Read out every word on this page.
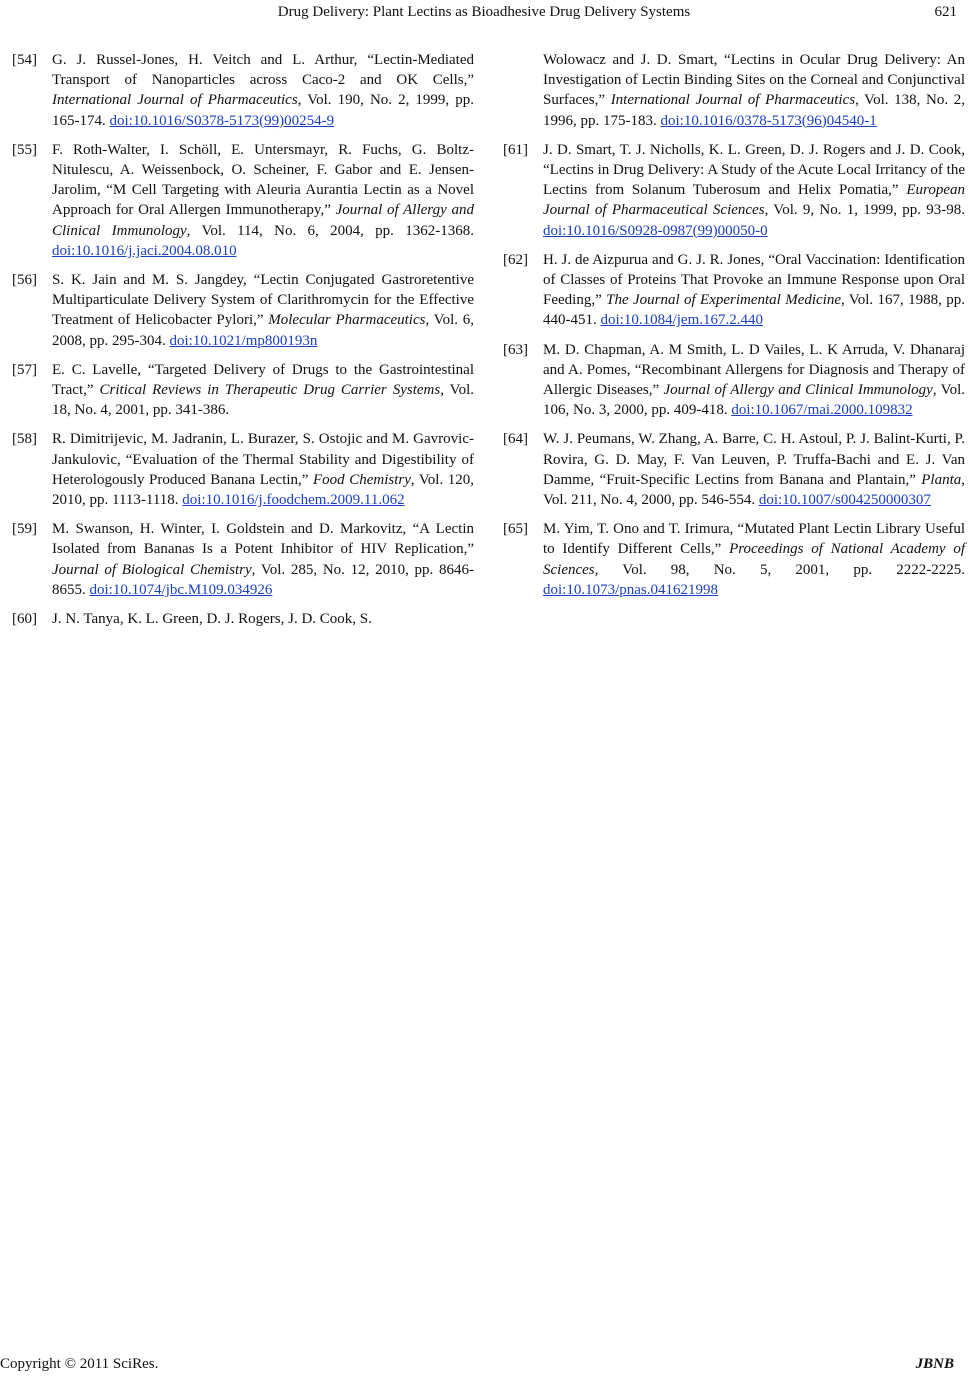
Drug Delivery: Plant Lectins as Bioadhesive Drug Delivery Systems	621
[54]	G. J. Russel-Jones, H. Veitch and L. Arthur, “Lectin-Mediated Transport of Nanoparticles across Caco-2 and OK Cells,” International Journal of Pharmaceutics, Vol. 190, No. 2, 1999, pp. 165-174. doi:10.1016/S0378-5173(99)00254-9
[55]	F. Roth-Walter, I. Schöll, E. Untersmayr, R. Fuchs, G. Boltz-Nitulescu, A. Weissenbock, O. Scheiner, F. Gabor and E. Jensen-Jarolim, “M Cell Targeting with Aleuria Aurantia Lectin as a Novel Approach for Oral Allergen Immunotherapy,” Journal of Allergy and Clinical Immunology, Vol. 114, No. 6, 2004, pp. 1362-1368. doi:10.1016/j.jaci.2004.08.010
[56]	S. K. Jain and M. S. Jangdey, “Lectin Conjugated Gastroretentive Multiparticulate Delivery System of Clarithromycin for the Effective Treatment of Helicobacter Pylori,” Molecular Pharmaceutics, Vol. 6, 2008, pp. 295-304. doi:10.1021/mp800193n
[57]	E. C. Lavelle, “Targeted Delivery of Drugs to the Gastrointestinal Tract,” Critical Reviews in Therapeutic Drug Carrier Systems, Vol. 18, No. 4, 2001, pp. 341-386.
[58]	R. Dimitrijevic, M. Jadranin, L. Burazer, S. Ostojic and M. Gavrovic-Jankulovic, “Evaluation of the Thermal Stability and Digestibility of Heterologously Produced Banana Lectin,” Food Chemistry, Vol. 120, 2010, pp. 1113-1118. doi:10.1016/j.foodchem.2009.11.062
[59]	M. Swanson, H. Winter, I. Goldstein and D. Markovitz, “A Lectin Isolated from Bananas Is a Potent Inhibitor of HIV Replication,” Journal of Biological Chemistry, Vol. 285, No. 12, 2010, pp. 8646-8655. doi:10.1074/jbc.M109.034926
[60]	J. N. Tanya, K. L. Green, D. J. Rogers, J. D. Cook, S.
Wolowacz and J. D. Smart, “Lectins in Ocular Drug Delivery: An Investigation of Lectin Binding Sites on the Corneal and Conjunctival Surfaces,” International Journal of Pharmaceutics, Vol. 138, No. 2, 1996, pp. 175-183. doi:10.1016/0378-5173(96)04540-1
[61]	J. D. Smart, T. J. Nicholls, K. L. Green, D. J. Rogers and J. D. Cook, “Lectins in Drug Delivery: A Study of the Acute Local Irritancy of the Lectins from Solanum Tuberosum and Helix Pomatia,” European Journal of Pharmaceutical Sciences, Vol. 9, No. 1, 1999, pp. 93-98. doi:10.1016/S0928-0987(99)00050-0
[62]	H. J. de Aizpurua and G. J. R. Jones, “Oral Vaccination: Identification of Classes of Proteins That Provoke an Immune Response upon Oral Feeding,” The Journal of Experimental Medicine, Vol. 167, 1988, pp. 440-451. doi:10.1084/jem.167.2.440
[63]	M. D. Chapman, A. M Smith, L. D Vailes, L. K Arruda, V. Dhanaraj and A. Pomes, “Recombinant Allergens for Diagnosis and Therapy of Allergic Diseases,” Journal of Allergy and Clinical Immunology, Vol. 106, No. 3, 2000, pp. 409-418. doi:10.1067/mai.2000.109832
[64]	W. J. Peumans, W. Zhang, A. Barre, C. H. Astoul, P. J. Balint-Kurti, P. Rovira, G. D. May, F. Van Leuven, P. Truffa-Bachi and E. J. Van Damme, “Fruit-Specific Lectins from Banana and Plantain,” Planta, Vol. 211, No. 4, 2000, pp. 546-554. doi:10.1007/s004250000307
[65]	M. Yim, T. Ono and T. Irimura, “Mutated Plant Lectin Library Useful to Identify Different Cells,” Proceedings of National Academy of Sciences, Vol. 98, No. 5, 2001, pp. 2222-2225. doi:10.1073/pnas.041621998
Copyright © 2011 SciRes.	JBNB
